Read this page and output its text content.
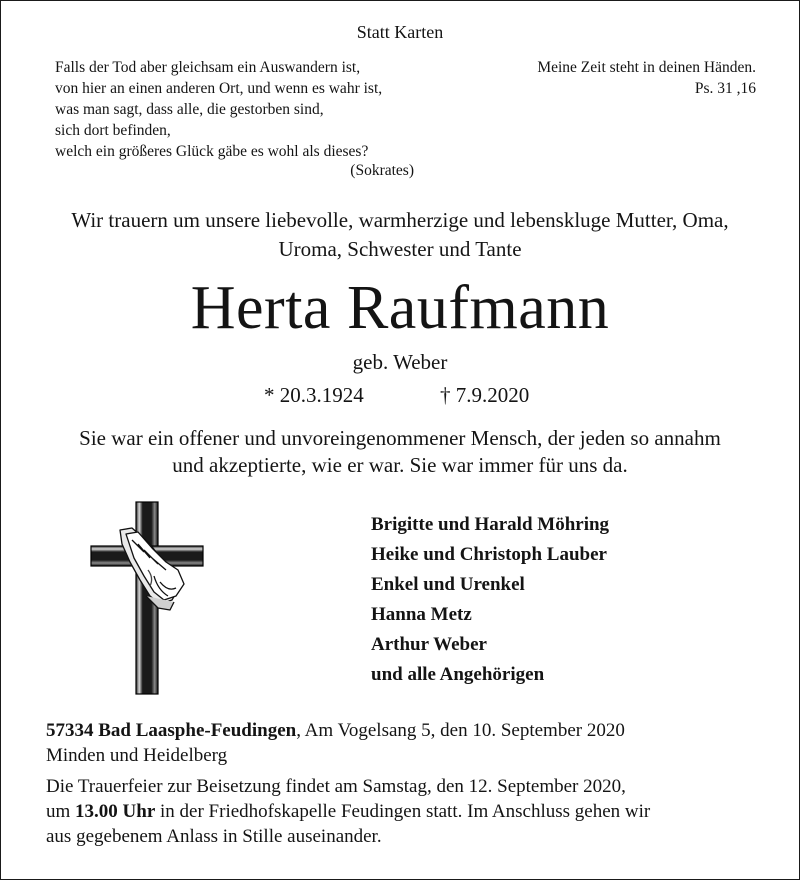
Statt Karten
Falls der Tod aber gleichsam ein Auswandern ist,
von hier an einen anderen Ort, und wenn es wahr ist,
was man sagt, dass alle, die gestorben sind,
sich dort befinden,
welch ein größeres Glück gäbe es wohl als dieses?
(Sokrates)
Meine Zeit steht in deinen Händen.
Ps. 31 ,16
Wir trauern um unsere liebevolle, warmherzige und lebenskluge Mutter, Oma,
Uroma, Schwester und Tante
Herta Raufmann
geb. Weber
* 20.3.1924	† 7.9.2020
Sie war ein offener und unvoreingenommener Mensch, der jeden so annahm
und akzeptierte, wie er war. Sie war immer für uns da.
Brigitte und Harald Möhring
Heike und Christoph Lauber
Enkel und Urenkel
Hanna Metz
Arthur Weber
und alle Angehörigen
57334 Bad Laasphe-Feudingen, Am Vogelsang 5, den 10. September 2020
Minden und Heidelberg
Die Trauerfeier zur Beisetzung findet am Samstag, den 12. September 2020,
um 13.00 Uhr in der Friedhofskapelle Feudingen statt. Im Anschluss gehen wir
aus gegebenem Anlass in Stille auseinander.
